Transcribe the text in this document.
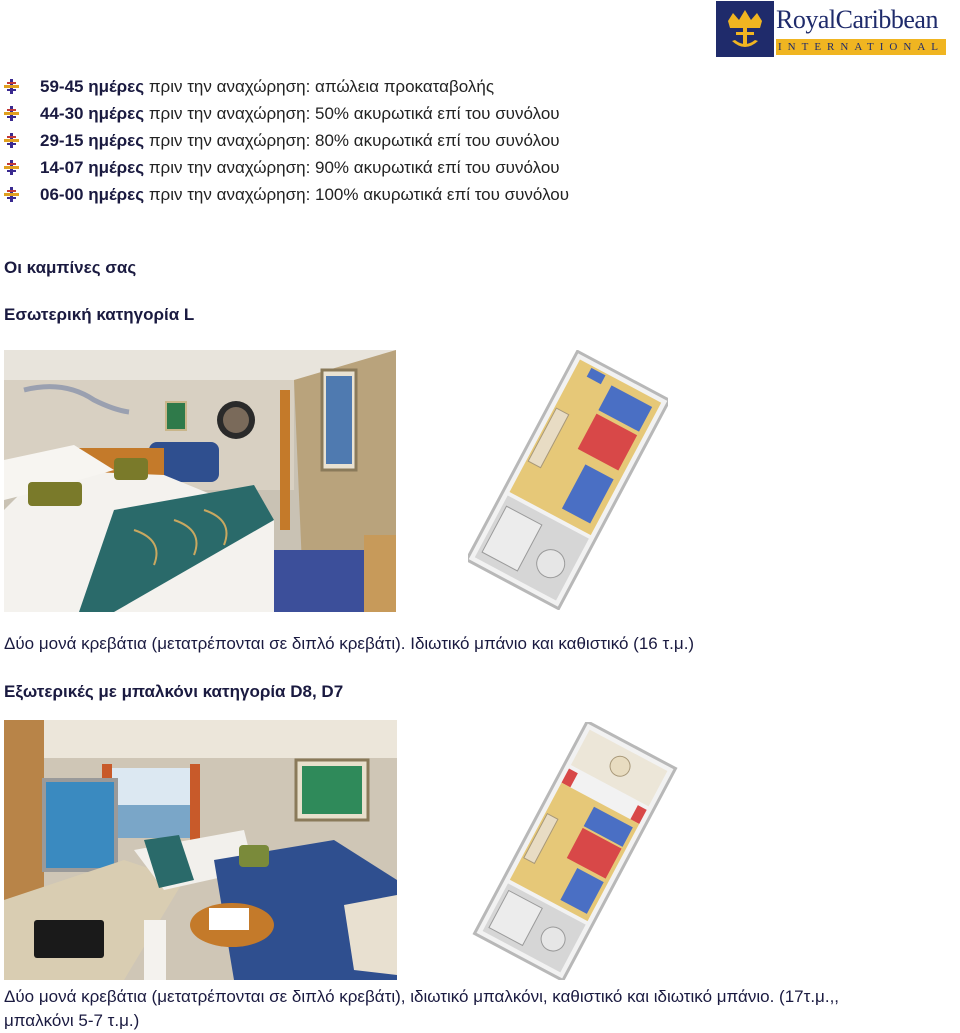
RoyalCaribbean
INTERNATIONAL
59-45 ημέρες πριν την αναχώρηση: απώλεια προκαταβολής
44-30 ημέρες πριν την αναχώρηση: 50% ακυρωτικά επί του συνόλου
29-15 ημέρες πριν την αναχώρηση: 80% ακυρωτικά επί του συνόλου
14-07 ημέρες πριν την αναχώρηση: 90% ακυρωτικά επί του συνόλου
06-00 ημέρες πριν την αναχώρηση: 100% ακυρωτικά επί του συνόλου
Οι καμπίνες σας
Εσωτερική κατηγορία L
Δύο μονά κρεβάτια (μετατρέπονται σε διπλό κρεβάτι). Ιδιωτικό μπάνιο και καθιστικό (16 τ.μ.)
Εξωτερικές με μπαλκόνι κατηγορία D8, D7
Δύο μονά κρεβάτια (μετατρέπονται σε διπλό κρεβάτι), ιδιωτικό μπαλκόνι, καθιστικό και ιδιωτικό μπάνιο. (17τ.μ.,,
μπαλκόνι 5-7 τ.μ.)
